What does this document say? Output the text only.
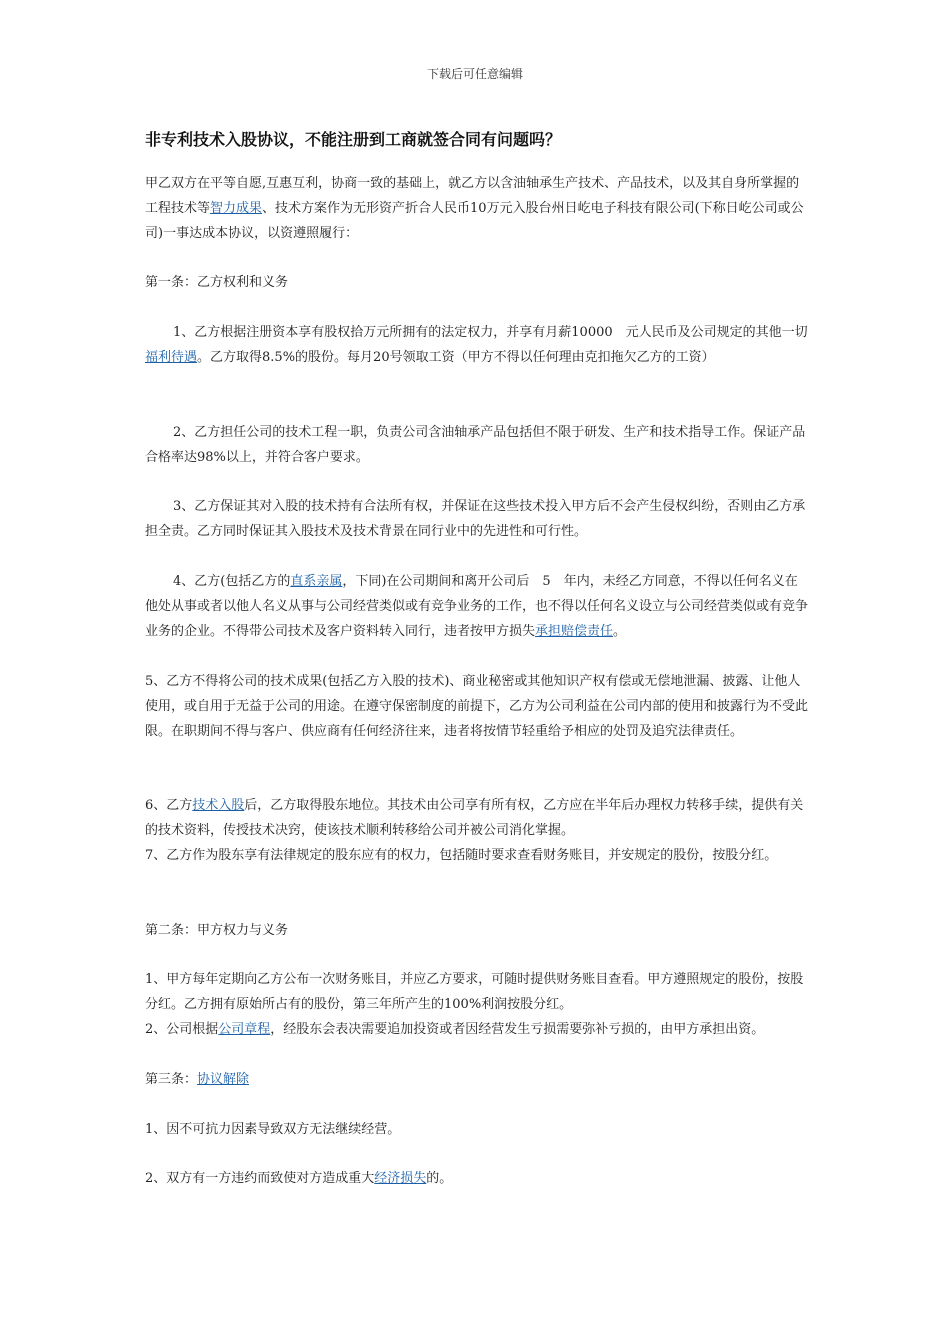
下载后可任意编辑
非专利技术入股协议，不能注册到工商就签合同有问题吗？

甲乙双方在平等自愿,互惠互利，协商一致的基础上，就乙方以含油轴承生产技术、产品技术，以及其自身所掌握的工程技术等智力成果、技术方案作为无形资产折合人民币10万元入股台州日屹电子科技有限公司(下称日屹公司或公司)一事达成本协议，以资遵照履行：

第一条：乙方权利和义务

1、乙方根据注册资本享有股权拾万元所拥有的法定权力，并享有月薪10000　元人民币及公司规定的其他一切福利待遇。乙方取得8.5%的股份。每月20号领取工资（甲方不得以任何理由克扣拖欠乙方的工资）

2、乙方担任公司的技术工程一职，负责公司含油轴承产品包括但不限于研发、生产和技术指导工作。保证产品合格率达98%以上，并符合客户要求。

3、乙方保证其对入股的技术持有合法所有权，并保证在这些技术投入甲方后不会产生侵权纠纷，否则由乙方承担全责。乙方同时保证其入股技术及技术背景在同行业中的先进性和可行性。

4、乙方(包括乙方的直系亲属，下同)在公司期间和离开公司后　5　年内，未经乙方同意，不得以任何名义在他处从事或者以他人名义从事与公司经营类似或有竞争业务的工作，也不得以任何名义设立与公司经营类似或有竞争业务的企业。不得带公司技术及客户资料转入同行，违者按甲方损失承担赔偿责任。

5、乙方不得将公司的技术成果(包括乙方入股的技术)、商业秘密或其他知识产权有偿或无偿地泄漏、披露、让他人使用，或自用于无益于公司的用途。在遵守保密制度的前提下，乙方为公司利益在公司内部的使用和披露行为不受此限。在职期间不得与客户、供应商有任何经济往来，违者将按情节轻重给予相应的处罚及追究法律责任。

6、乙方技术入股后，乙方取得股东地位。其技术由公司享有所有权，乙方应在半年后办理权力转移手续，提供有关的技术资料，传授技术决窍，使该技术顺利转移给公司并被公司消化掌握。

7、乙方作为股东享有法律规定的股东应有的权力，包括随时要求查看财务账目，并安规定的股份，按股分红。

第二条：甲方权力与义务

1、甲方每年定期向乙方公布一次财务账目，并应乙方要求，可随时提供财务账目查看。甲方遵照规定的股份，按股分红。乙方拥有原始所占有的股份，第三年所产生的100%利润按股分红。

2、公司根据公司章程，经股东会表决需要追加投资或者因经营发生亏损需要弥补亏损的，由甲方承担出资。

第三条：协议解除

1、因不可抗力因素导致双方无法继续经营。

2、双方有一方违约而致使对方造成重大经济损失的。
